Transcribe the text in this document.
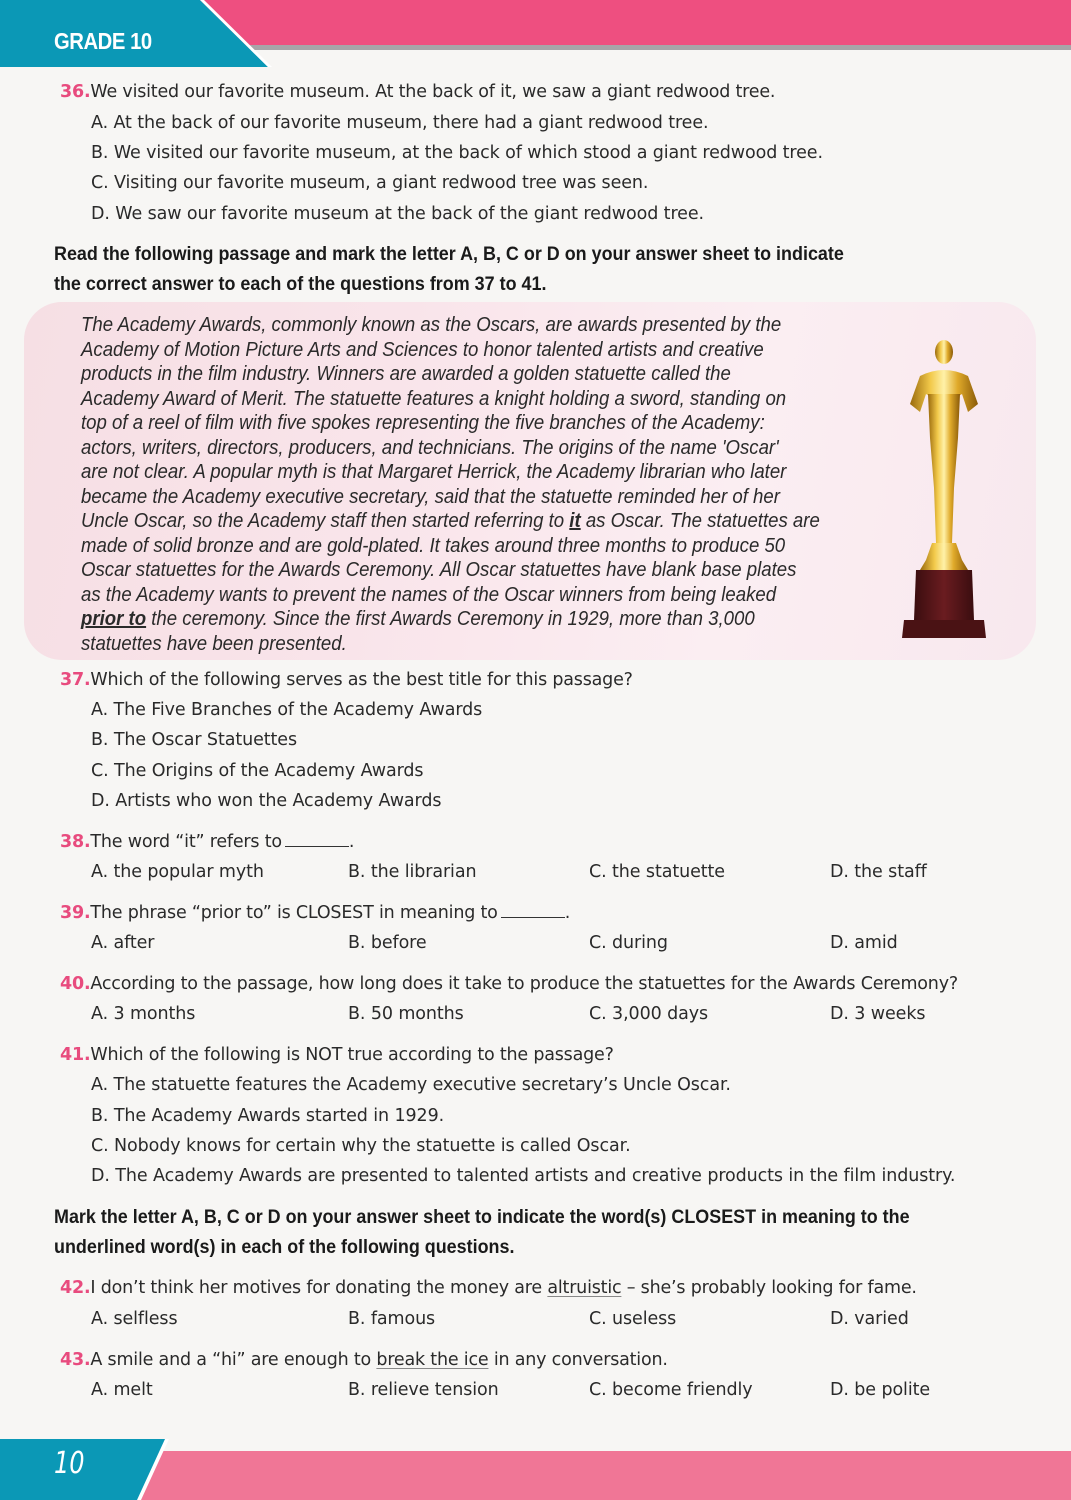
GRADE 10
36.We visited our favorite museum. At the back of it, we saw a giant redwood tree.
A. At the back of our favorite museum, there had a giant redwood tree.
B. We visited our favorite museum, at the back of which stood a giant redwood tree.
C. Visiting our favorite museum, a giant redwood tree was seen.
D. We saw our favorite museum at the back of the giant redwood tree.
Read the following passage and mark the letter A, B, C or D on your answer sheet to indicate
the correct answer to each of the questions from 37 to 41.
The Academy Awards, commonly known as the Oscars, are awards presented by the
Academy of Motion Picture Arts and Sciences to honor talented artists and creative
products in the film industry. Winners are awarded a golden statuette called the
Academy Award of Merit. The statuette features a knight holding a sword, standing on
top of a reel of film with five spokes representing the five branches of the Academy:
actors, writers, directors, producers, and technicians. The origins of the name 'Oscar'
are not clear. A popular myth is that Margaret Herrick, the Academy librarian who later
became the Academy executive secretary, said that the statuette reminded her of her
Uncle Oscar, so the Academy staff then started referring to it as Oscar. The statuettes are
made of solid bronze and are gold-plated. It takes around three months to produce 50
Oscar statuettes for the Awards Ceremony. All Oscar statuettes have blank base plates
as the Academy wants to prevent the names of the Oscar winners from being leaked
prior to the ceremony. Since the first Awards Ceremony in 1929, more than 3,000
statuettes have been presented.
37.Which of the following serves as the best title for this passage?
A. The Five Branches of the Academy Awards
B. The Oscar Statuettes
C. The Origins of the Academy Awards
D. Artists who won the Academy Awards
38.The word “it” refers to	.
A. the popular myth	B. the librarian	C. the statuette	D. the staff
39.The phrase “prior to” is CLOSEST in meaning to	.
A. after	B. before	C. during	D. amid
40.According to the passage, how long does it take to produce the statuettes for the Awards Ceremony?
A. 3 months	B. 50 months	C. 3,000 days	D. 3 weeks
41.Which of the following is NOT true according to the passage?
A. The statuette features the Academy executive secretary’s Uncle Oscar.
B. The Academy Awards started in 1929.
C. Nobody knows for certain why the statuette is called Oscar.
D. The Academy Awards are presented to talented artists and creative products in the film industry.
Mark the letter A, B, C or D on your answer sheet to indicate the word(s) CLOSEST in meaning to the
underlined word(s) in each of the following questions.
42.I don’t think her motives for donating the money are altruistic – she’s probably looking for fame.
A. selfless	B. famous	C. useless	D. varied
43.A smile and a “hi” are enough to break the ice in any conversation.
A. melt	B. relieve tension	C. become friendly	D. be polite
10
